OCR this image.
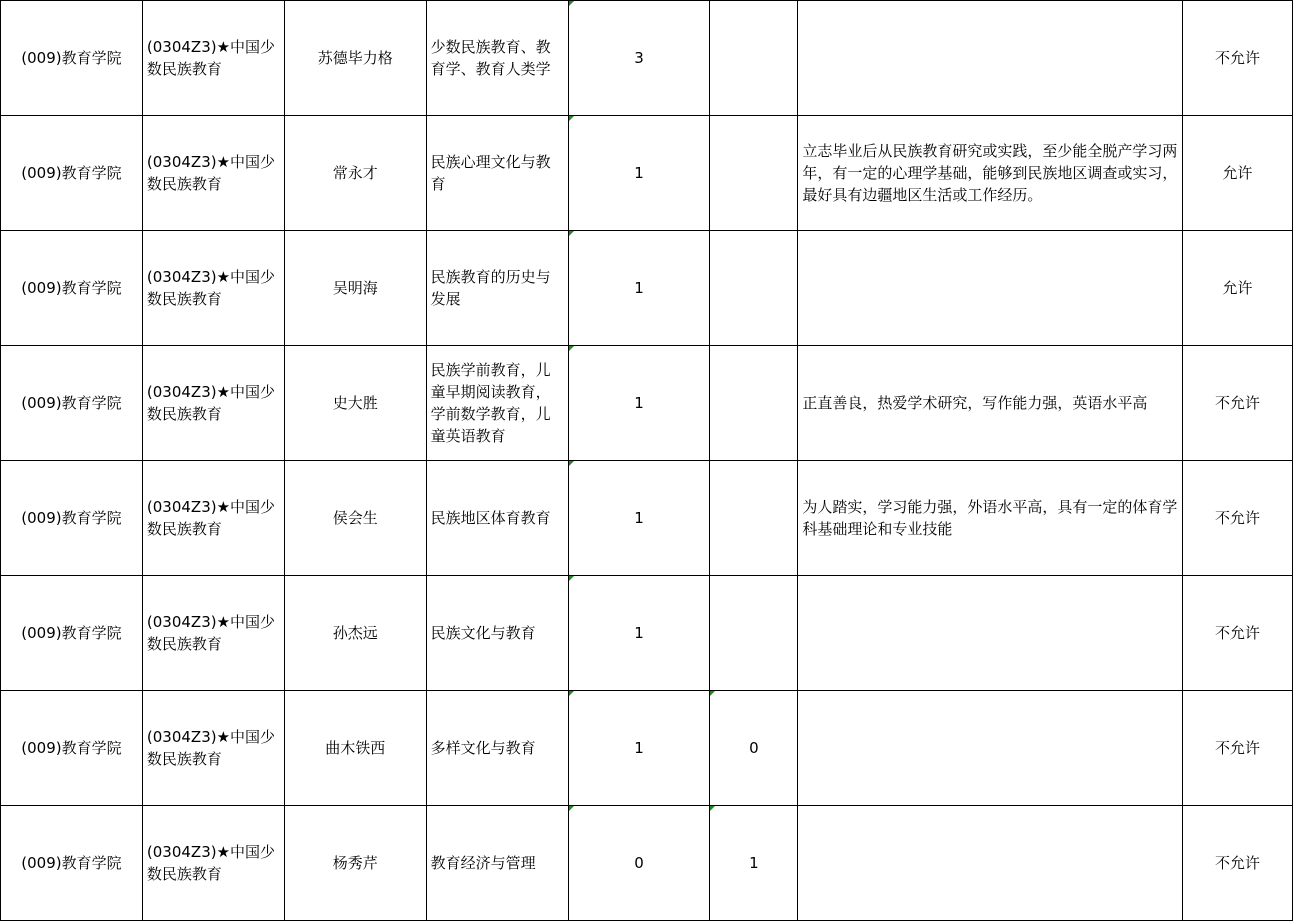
(009)教育学院	(0304Z3)★中国少数民族教育	苏德毕力格	少数民族教育、教育学、教育人类学	3			不允许
(009)教育学院	(0304Z3)★中国少数民族教育	常永才	民族心理文化与教育	1		立志毕业后从民族教育研究或实践，至少能全脱产学习两年，有一定的心理学基础，能够到民族地区调查或实习，最好具有边疆地区生活或工作经历。	允许
(009)教育学院	(0304Z3)★中国少数民族教育	吴明海	民族教育的历史与发展	1			允许
(009)教育学院	(0304Z3)★中国少数民族教育	史大胜	民族学前教育，儿童早期阅读教育，学前数学教育，儿童英语教育	1		正直善良，热爱学术研究，写作能力强，英语水平高	不允许
(009)教育学院	(0304Z3)★中国少数民族教育	侯会生	民族地区体育教育	1		为人踏实，学习能力强，外语水平高，具有一定的体育学科基础理论和专业技能	不允许
(009)教育学院	(0304Z3)★中国少数民族教育	孙杰远	民族文化与教育	1			不允许
(009)教育学院	(0304Z3)★中国少数民族教育	曲木铁西	多样文化与教育	1	0		不允许
(009)教育学院	(0304Z3)★中国少数民族教育	杨秀芹	教育经济与管理	0	1		不允许
